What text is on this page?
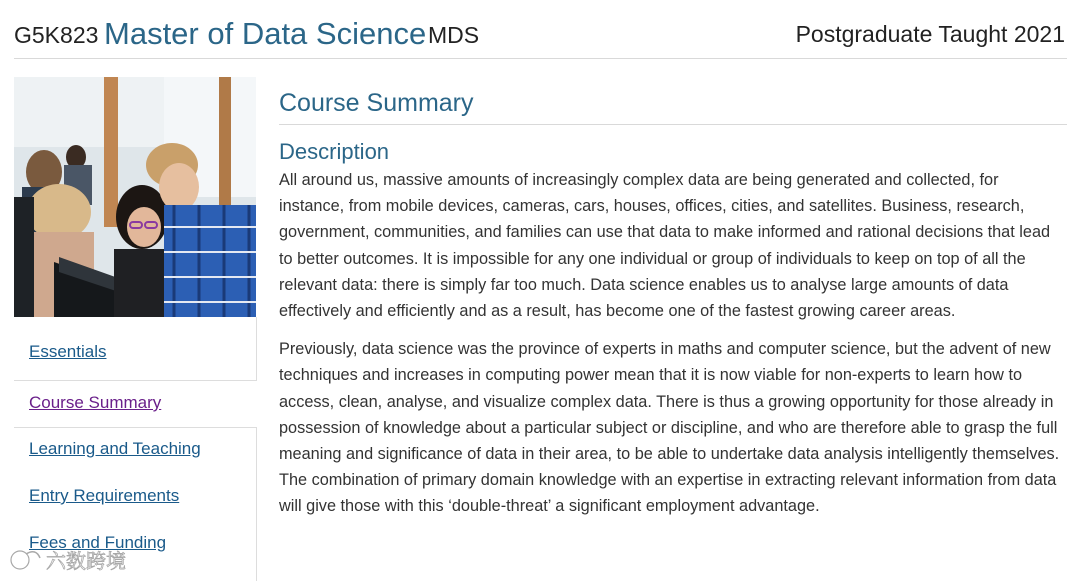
G5K823 Master of Data Science MDS	Postgraduate Taught 2021
Essentials
Course Summary
Learning and Teaching
Entry Requirements
Fees and Funding
Course Summary
Description

All around us, massive amounts of increasingly complex data are being generated and collected, for instance, from mobile devices, cameras, cars, houses, offices, cities, and satellites. Business, research, government, communities, and families can use that data to make informed and rational decisions that lead to better outcomes. It is impossible for any one individual or group of individuals to keep on top of all the relevant data: there is simply far too much. Data science enables us to analyse large amounts of data effectively and efficiently and as a result, has become one of the fastest growing career areas.

Previously, data science was the province of experts in maths and computer science, but the advent of new techniques and increases in computing power mean that it is now viable for non-experts to learn how to access, clean, analyse, and visualize complex data. There is thus a growing opportunity for those already in possession of knowledge about a particular subject or discipline, and who are therefore able to grasp the full meaning and significance of data in their area, to be able to undertake data analysis intelligently themselves. The combination of primary domain knowledge with an expertise in extracting relevant information from data will give those with this ‘double-threat’ a significant employment advantage.

六数跨境
